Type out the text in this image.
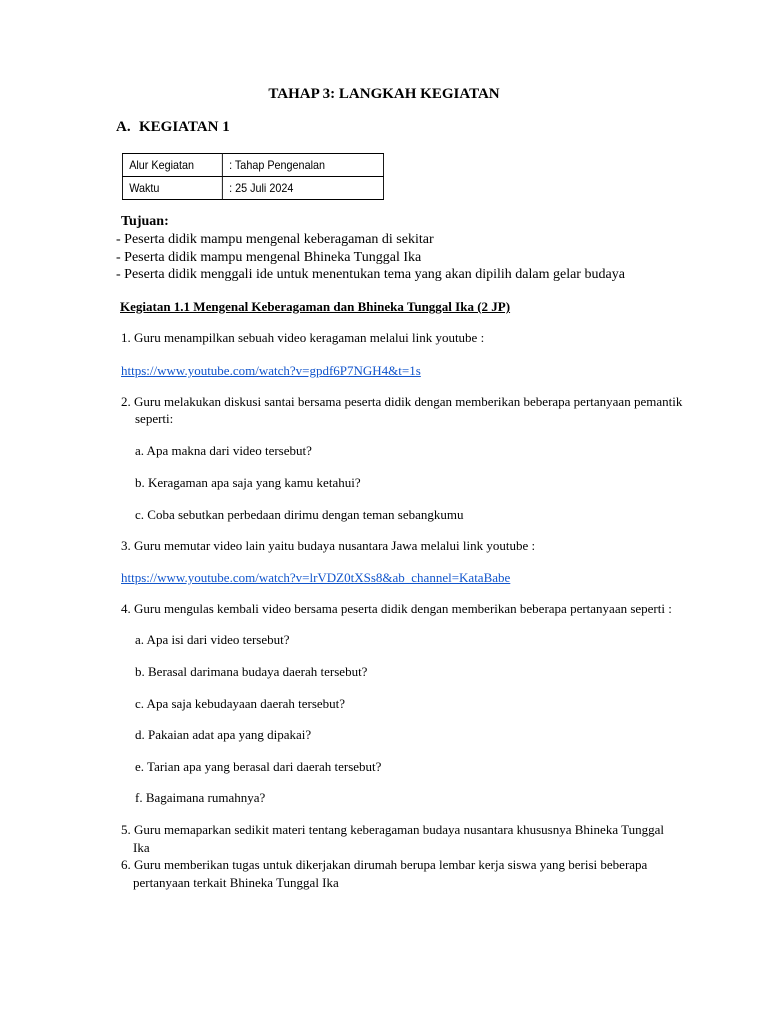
TAHAP 3: LANGKAH KEGIATAN
A. KEGIATAN 1
Alur Kegiatan	: Tahap Pengenalan
Waktu	: 25 Juli 2024
Tujuan:
- Peserta didik mampu mengenal keberagaman di sekitar
- Peserta didik mampu mengenal Bhineka Tunggal Ika
- Peserta didik menggali ide untuk menentukan tema yang akan dipilih dalam gelar budaya
Kegiatan 1.1 Mengenal Keberagaman dan Bhineka Tunggal Ika (2 JP)
1. Guru menampilkan sebuah video keragaman melalui link youtube :
https://www.youtube.com/watch?v=gpdf6P7NGH4&t=1s
2. Guru melakukan diskusi santai bersama peserta didik dengan memberikan beberapa pertanyaan pemantik
seperti:
a. Apa makna dari video tersebut?
b. Keragaman apa saja yang kamu ketahui?
c. Coba sebutkan perbedaan dirimu dengan teman sebangkumu
3. Guru memutar video lain yaitu budaya nusantara Jawa melalui link youtube :
https://www.youtube.com/watch?v=lrVDZ0tXSs8&ab_channel=KataBabe
4. Guru mengulas kembali video bersama peserta didik dengan memberikan beberapa pertanyaan seperti :
a. Apa isi dari video tersebut?
b. Berasal darimana budaya daerah tersebut?
c. Apa saja kebudayaan daerah tersebut?
d. Pakaian adat apa yang dipakai?
e. Tarian apa yang berasal dari daerah tersebut?
f. Bagaimana rumahnya?
5. Guru memaparkan sedikit materi tentang keberagaman budaya nusantara khususnya Bhineka Tunggal
Ika
6. Guru memberikan tugas untuk dikerjakan dirumah berupa lembar kerja siswa yang berisi beberapa
pertanyaan terkait Bhineka Tunggal Ika
